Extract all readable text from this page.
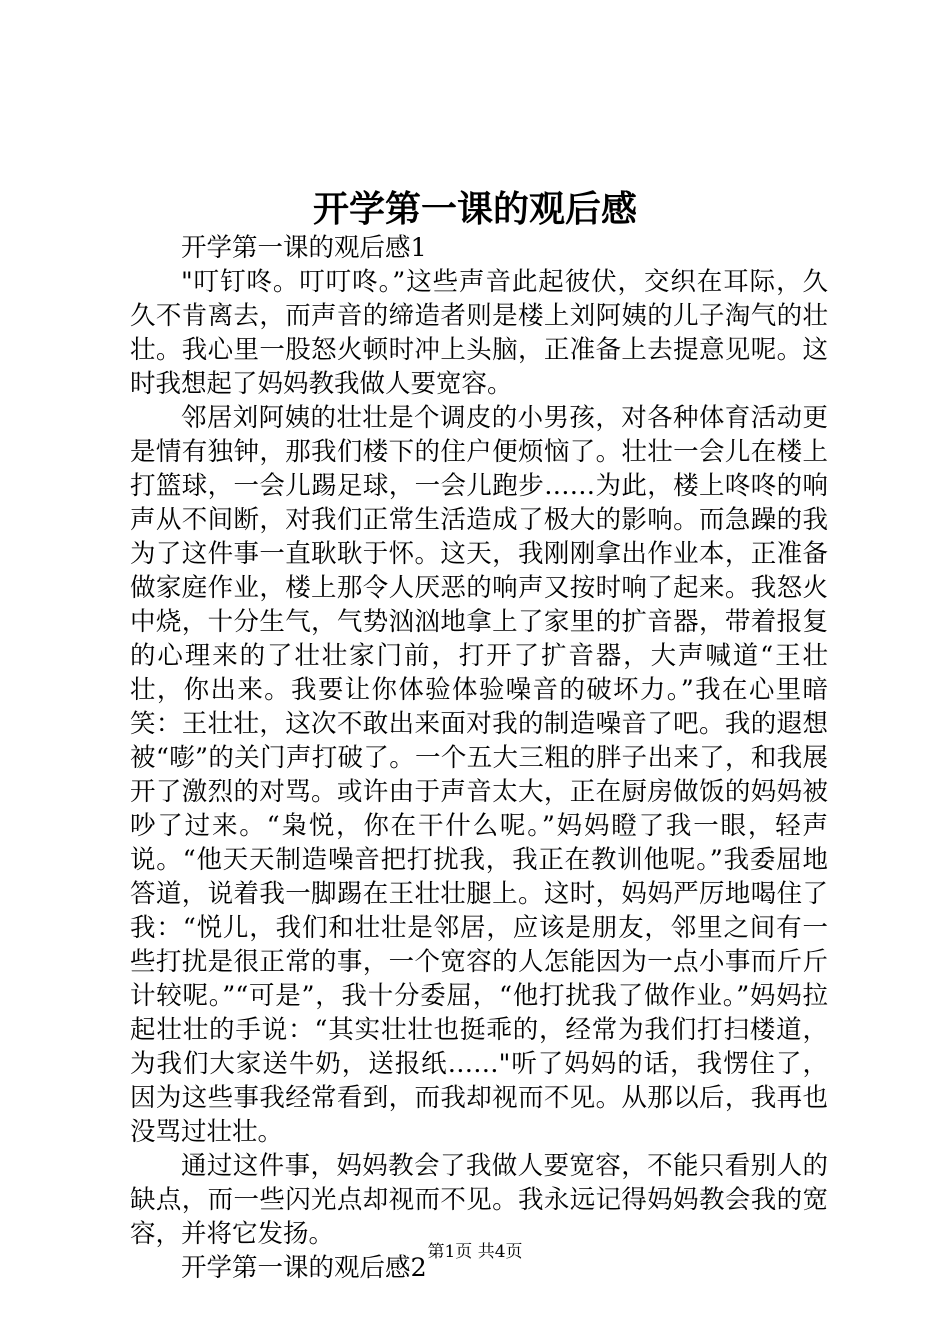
开学第一课的观后感

开学第一课的观后感1

"叮钉咚。叮叮咚。”这些声音此起彼伏，交织在耳际，久久不肯离去，而声音的缔造者则是楼上刘阿姨的儿子淘气的壮壮。我心里一股怒火顿时冲上头脑，正准备上去提意见呢。这时我想起了妈妈教我做人要宽容。

邻居刘阿姨的壮壮是个调皮的小男孩，对各种体育活动更是情有独钟，那我们楼下的住户便烦恼了。壮壮一会儿在楼上打篮球，一会儿踢足球，一会儿跑步……为此，楼上咚咚的响声从不间断，对我们正常生活造成了极大的影响。而急躁的我为了这件事一直耿耿于怀。这天，我刚刚拿出作业本，正准备做家庭作业，楼上那令人厌恶的响声又按时响了起来。我怒火中烧，十分生气，气势汹汹地拿上了家里的扩音器，带着报复的心理来的了壮壮家门前，打开了扩音器，大声喊道“王壮壮，你出来。我要让你体验体验噪音的破坏力。”我在心里暗笑：王壮壮，这次不敢出来面对我的制造噪音了吧。我的遐想被“嘭”的关门声打破了。一个五大三粗的胖子出来了，和我展开了激烈的对骂。或许由于声音太大，正在厨房做饭的妈妈被吵了过来。“枭悦，你在干什么呢。”妈妈瞪了我一眼，轻声说。“他天天制造噪音把打扰我，我正在教训他呢。”我委屈地答道，说着我一脚踢在王壮壮腿上。这时，妈妈严厉地喝住了我：“悦儿，我们和壮壮是邻居，应该是朋友，邻里之间有一些打扰是很正常的事，一个宽容的人怎能因为一点小事而斤斤计较呢。”“可是”，我十分委屈，“他打扰我了做作业。”妈妈拉起壮壮的手说：“其实壮壮也挺乖的，经常为我们打扫楼道，为我们大家送牛奶，送报纸……"听了妈妈的话，我愣住了，因为这些事我经常看到，而我却视而不见。从那以后，我再也没骂过壮壮。

通过这件事，妈妈教会了我做人要宽容，不能只看别人的缺点，而一些闪光点却视而不见。我永远记得妈妈教会我的宽容，并将它发扬。

开学第一课的观后感2

第1页 共4页
